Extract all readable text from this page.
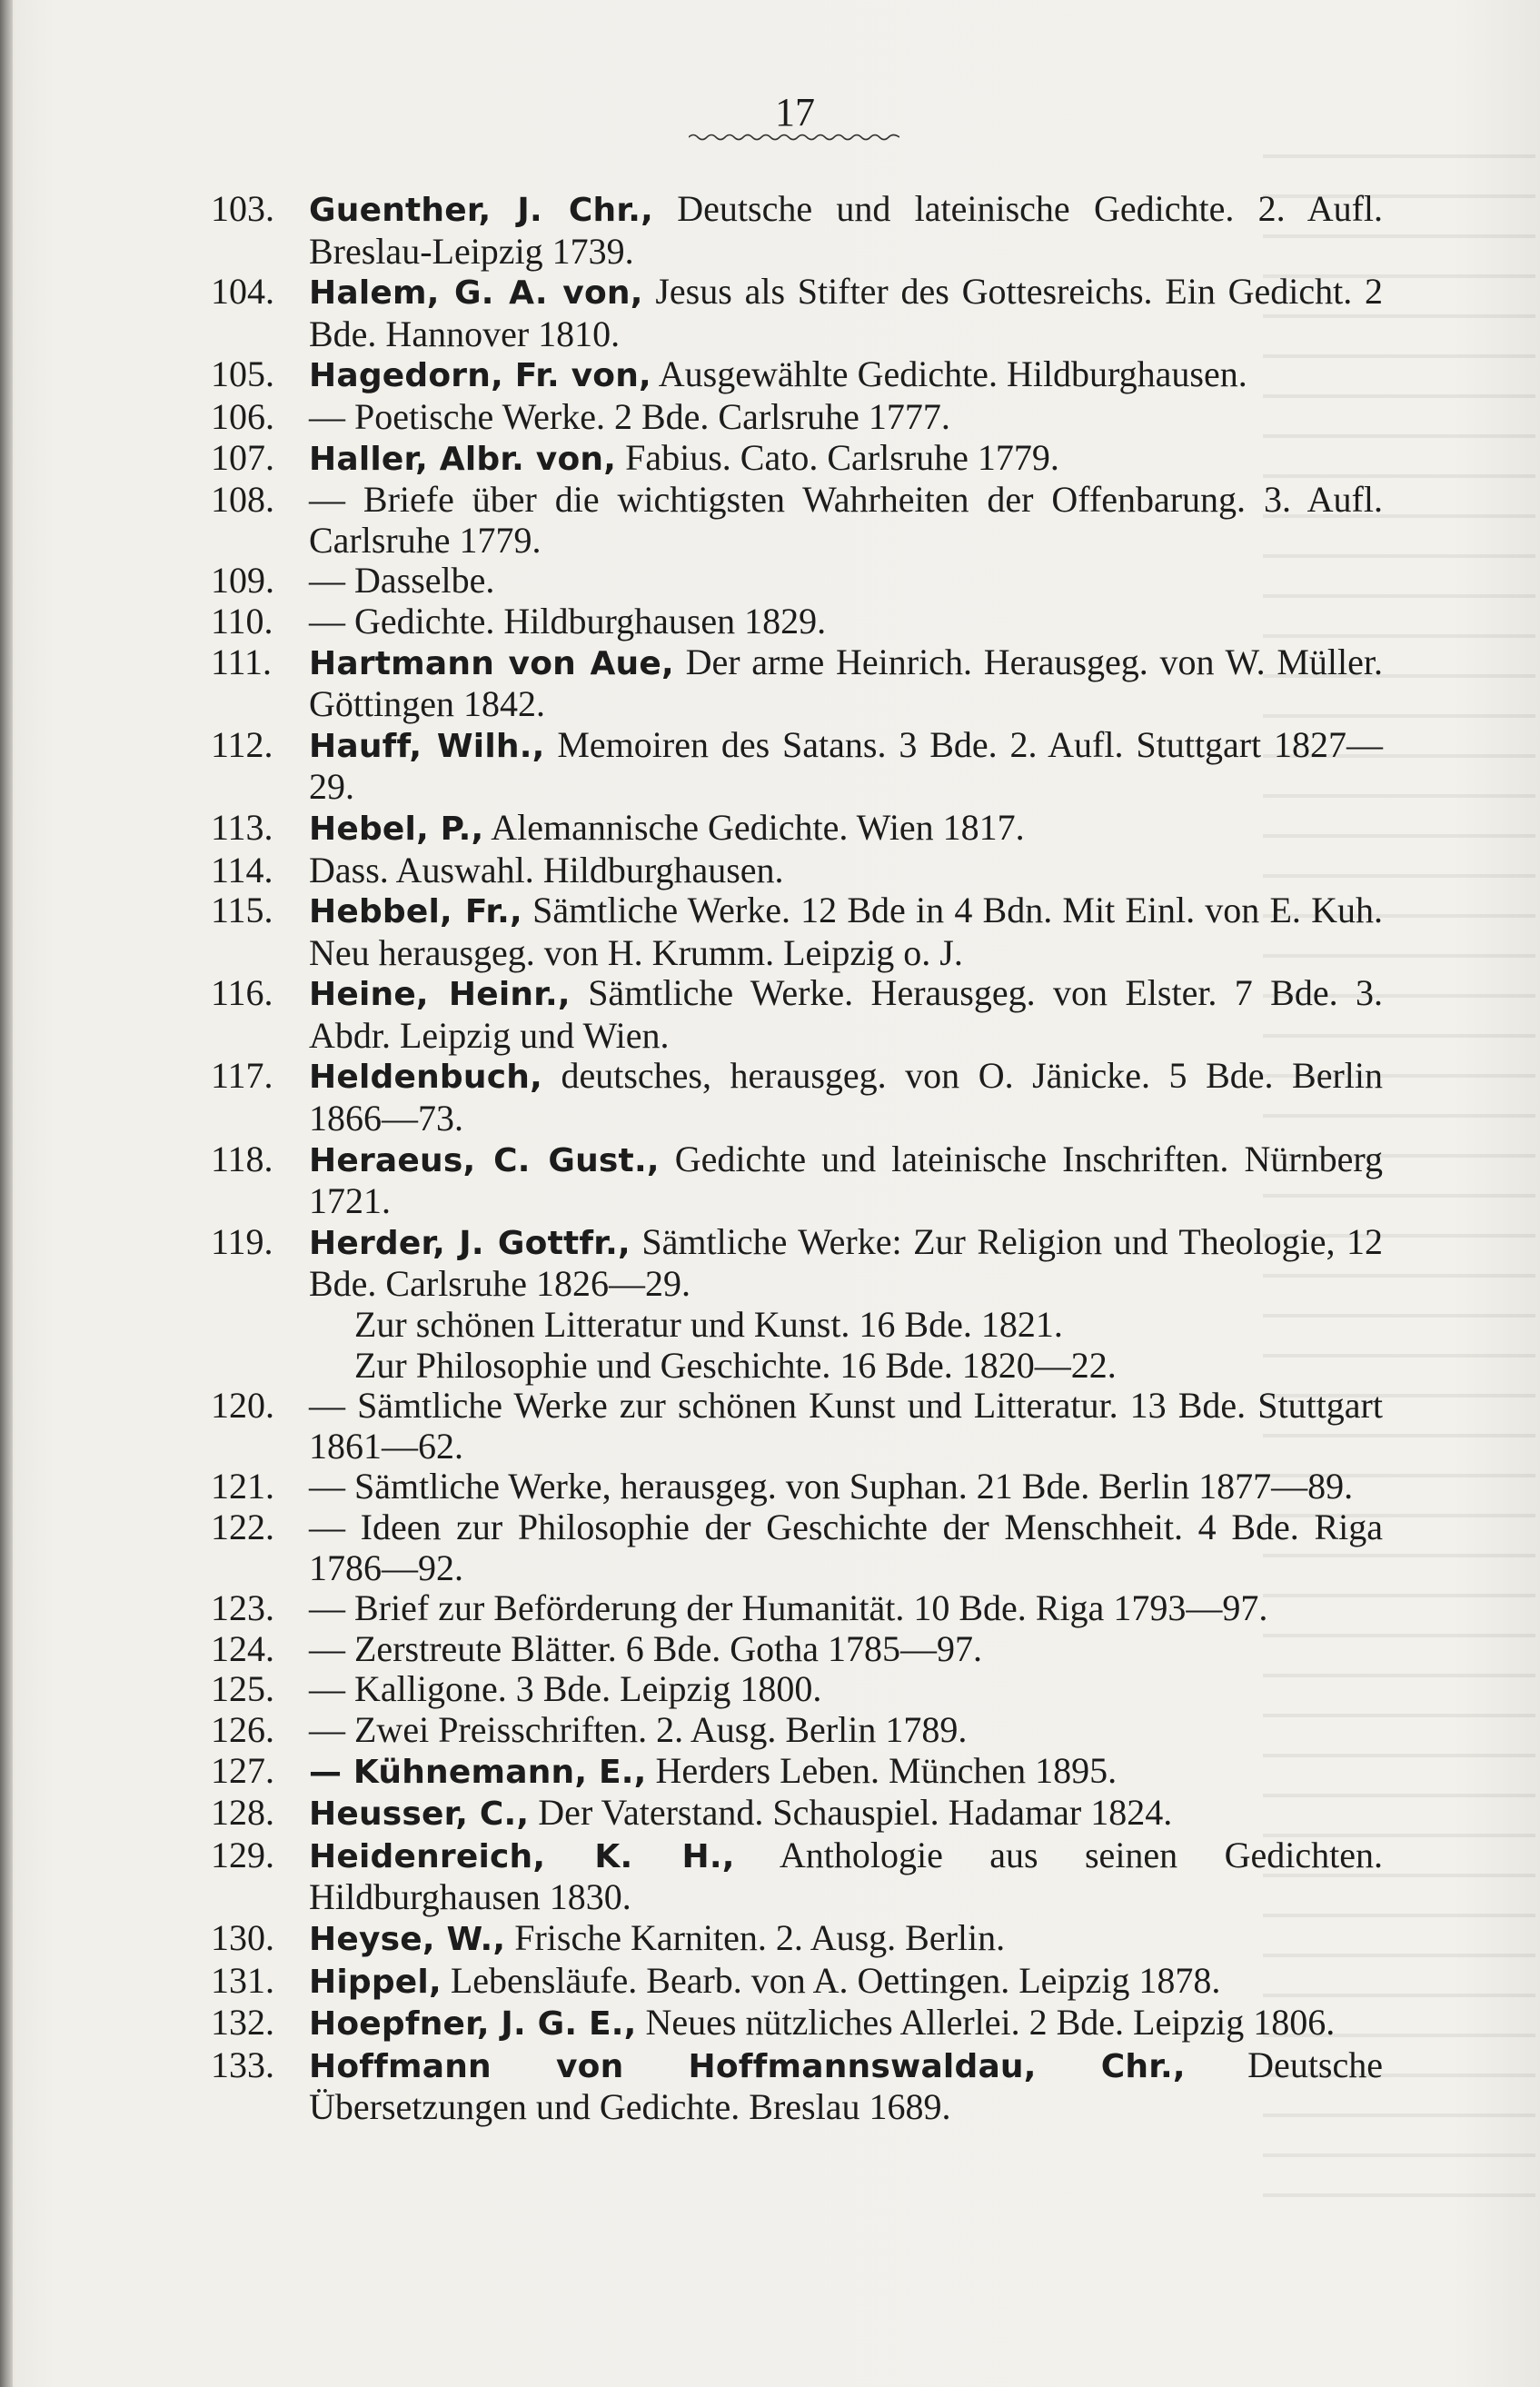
17
103.	Guenther, J. Chr., Deutsche und lateinische Gedichte. 2. Aufl. Breslau-Leipzig 1739.
104.	Halem, G. A. von, Jesus als Stifter des Gottesreichs. Ein Gedicht. 2 Bde. Hannover 1810.
105.	Hagedorn, Fr. von, Ausgewählte Gedichte. Hildburghausen.
106. — Poetische Werke. 2 Bde. Carlsruhe 1777.
107.	Haller, Albr. von, Fabius. Cato. Carlsruhe 1779.
108. — Briefe über die wichtigsten Wahrheiten der Offenbarung. 3. Aufl. Carlsruhe 1779.
109. — Dasselbe.
110. — Gedichte. Hildburghausen 1829.
111.	Hartmann von Aue, Der arme Heinrich. Herausgeg. von W. Müller. Göttingen 1842.
112.	Hauff, Wilh., Memoiren des Satans. 3 Bde. 2. Aufl. Stuttgart 1827—29.
113.	Hebel, P., Alemannische Gedichte. Wien 1817.
114. Dass. Auswahl. Hildburghausen.
115.	Hebbel, Fr., Sämtliche Werke. 12 Bde in 4 Bdn. Mit Einl. von E. Kuh. Neu herausgeg. von H. Krumm. Leipzig o. J.
116.	Heine, Heinr., Sämtliche Werke. Herausgeg. von Elster. 7 Bde. 3. Abdr. Leipzig und Wien.
117.	Heldenbuch, deutsches, herausgeg. von O. Jänicke. 5 Bde. Berlin 1866—73.
118.	Heraeus, C. Gust., Gedichte und lateinische Inschriften. Nürnberg 1721.
119.	Herder, J. Gottfr., Sämtliche Werke: Zur Religion und Theologie, 12 Bde. Carlsruhe 1826—29.
Zur schönen Litteratur und Kunst. 16 Bde. 1821.
Zur Philosophie und Geschichte. 16 Bde. 1820—22.
120. — Sämtliche Werke zur schönen Kunst und Litteratur. 13 Bde. Stuttgart 1861—62.
121. — Sämtliche Werke, herausgeg. von Suphan. 21 Bde. Berlin 1877—89.
122. — Ideen zur Philosophie der Geschichte der Menschheit. 4 Bde. Riga 1786—92.
123. — Brief zur Beförderung der Humanität. 10 Bde. Riga 1793—97.
124. — Zerstreute Blätter. 6 Bde. Gotha 1785—97.
125. — Kalligone. 3 Bde. Leipzig 1800.
126. — Zwei Preisschriften. 2. Ausg. Berlin 1789.
127.	— Kühnemann, E., Herders Leben. München 1895.
128.	Heusser, C., Der Vaterstand. Schauspiel. Hadamar 1824.
129.	Heidenreich, K. H., Anthologie aus seinen Gedichten. Hildburghausen 1830.
130.	Heyse, W., Frische Karniten. 2. Ausg. Berlin.
131.	Hippel, Lebensläufe. Bearb. von A. Oettingen. Leipzig 1878.
132.	Hoepfner, J. G. E., Neues nützliches Allerlei. 2 Bde. Leipzig 1806.
133.	Hoffmann von Hoffmannswaldau, Chr., Deutsche Übersetzungen und Gedichte. Breslau 1689.
